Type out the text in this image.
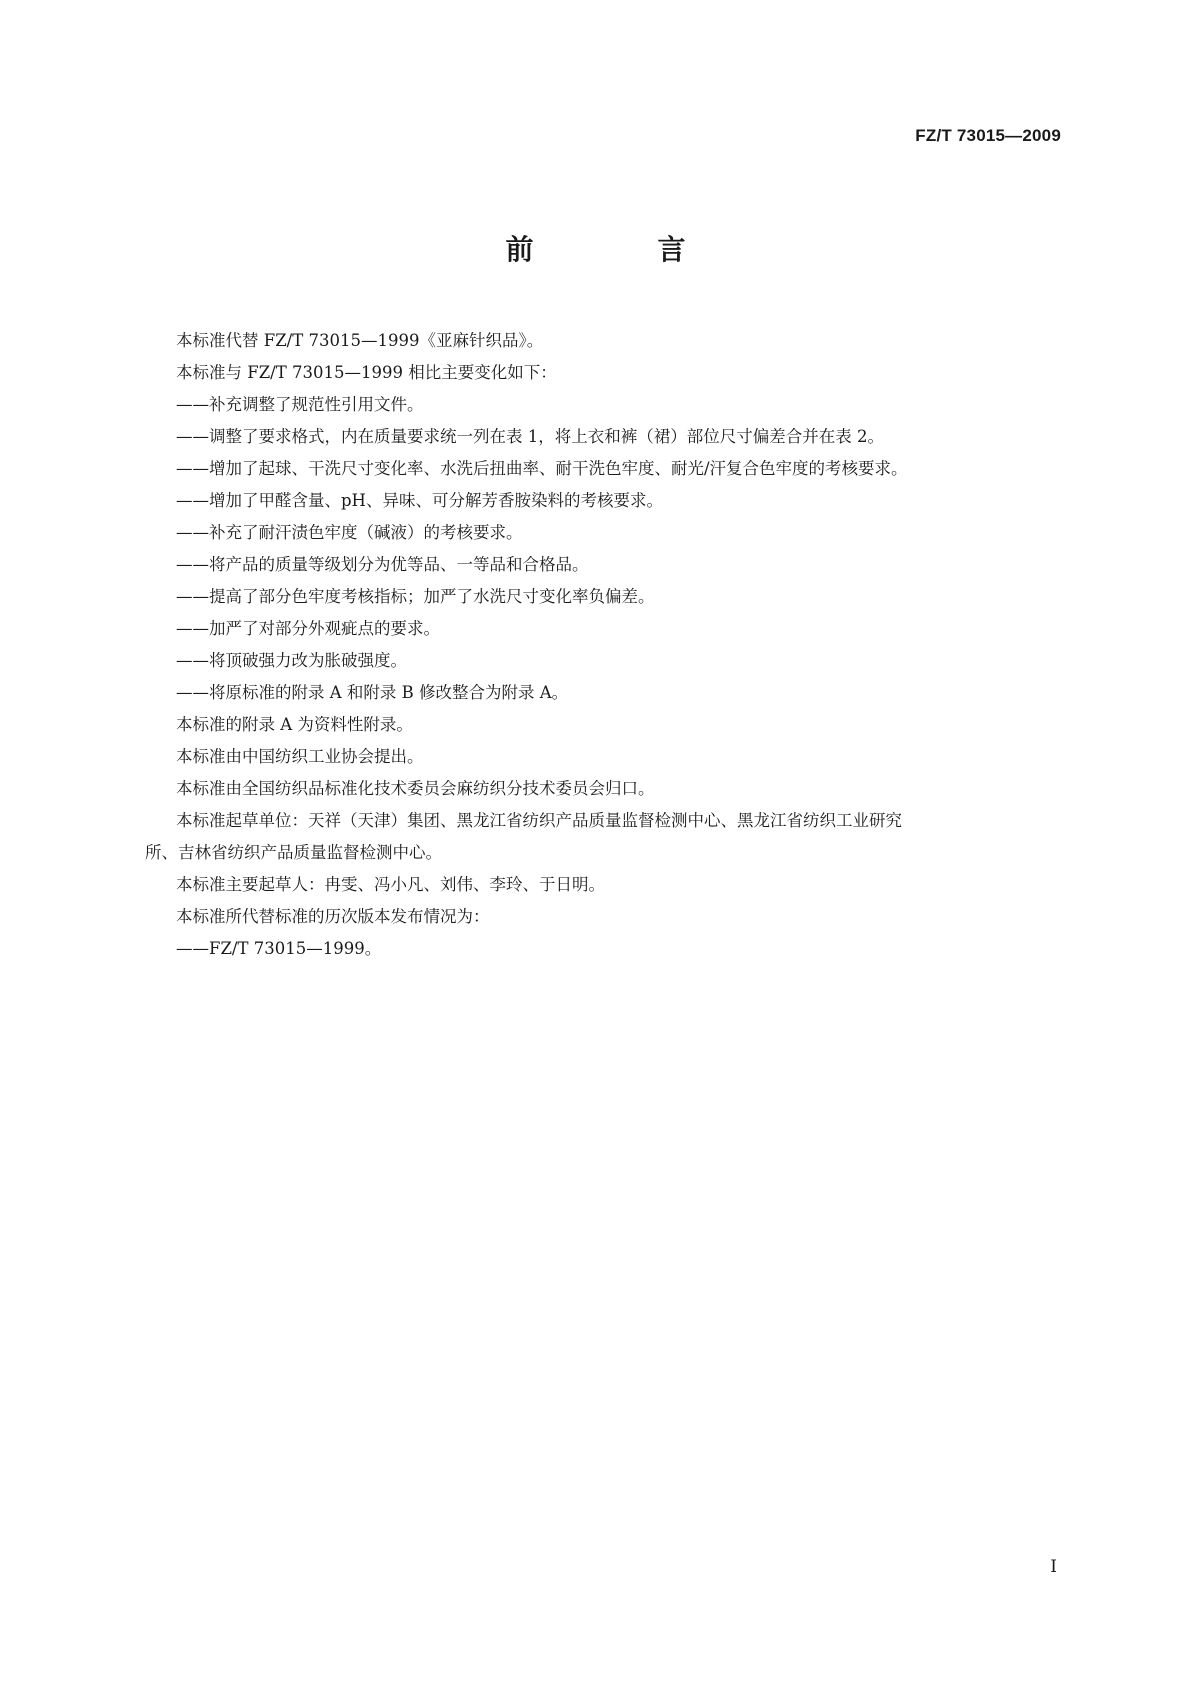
FZ/T 73015—2009
前　言
本标准代替 FZ/T 73015—1999《亚麻针织品》。
本标准与 FZ/T 73015—1999 相比主要变化如下：
——补充调整了规范性引用文件。
——调整了要求格式，内在质量要求统一列在表 1，将上衣和裤（裙）部位尺寸偏差合并在表 2。
——增加了起球、干洗尺寸变化率、水洗后扭曲率、耐干洗色牢度、耐光/汗复合色牢度的考核要求。
——增加了甲醛含量、pH、异味、可分解芳香胺染料的考核要求。
——补充了耐汗渍色牢度（碱液）的考核要求。
——将产品的质量等级划分为优等品、一等品和合格品。
——提高了部分色牢度考核指标；加严了水洗尺寸变化率负偏差。
——加严了对部分外观疵点的要求。
——将顶破强力改为胀破强度。
——将原标准的附录 A 和附录 B 修改整合为附录 A。
本标准的附录 A 为资料性附录。
本标准由中国纺织工业协会提出。
本标准由全国纺织品标准化技术委员会麻纺织分技术委员会归口。
本标准起草单位：天祥（天津）集团、黑龙江省纺织产品质量监督检测中心、黑龙江省纺织工业研究
所、吉林省纺织产品质量监督检测中心。
本标准主要起草人：冉雯、冯小凡、刘伟、李玲、于日明。
本标准所代替标准的历次版本发布情况为：
——FZ/T 73015—1999。
I
